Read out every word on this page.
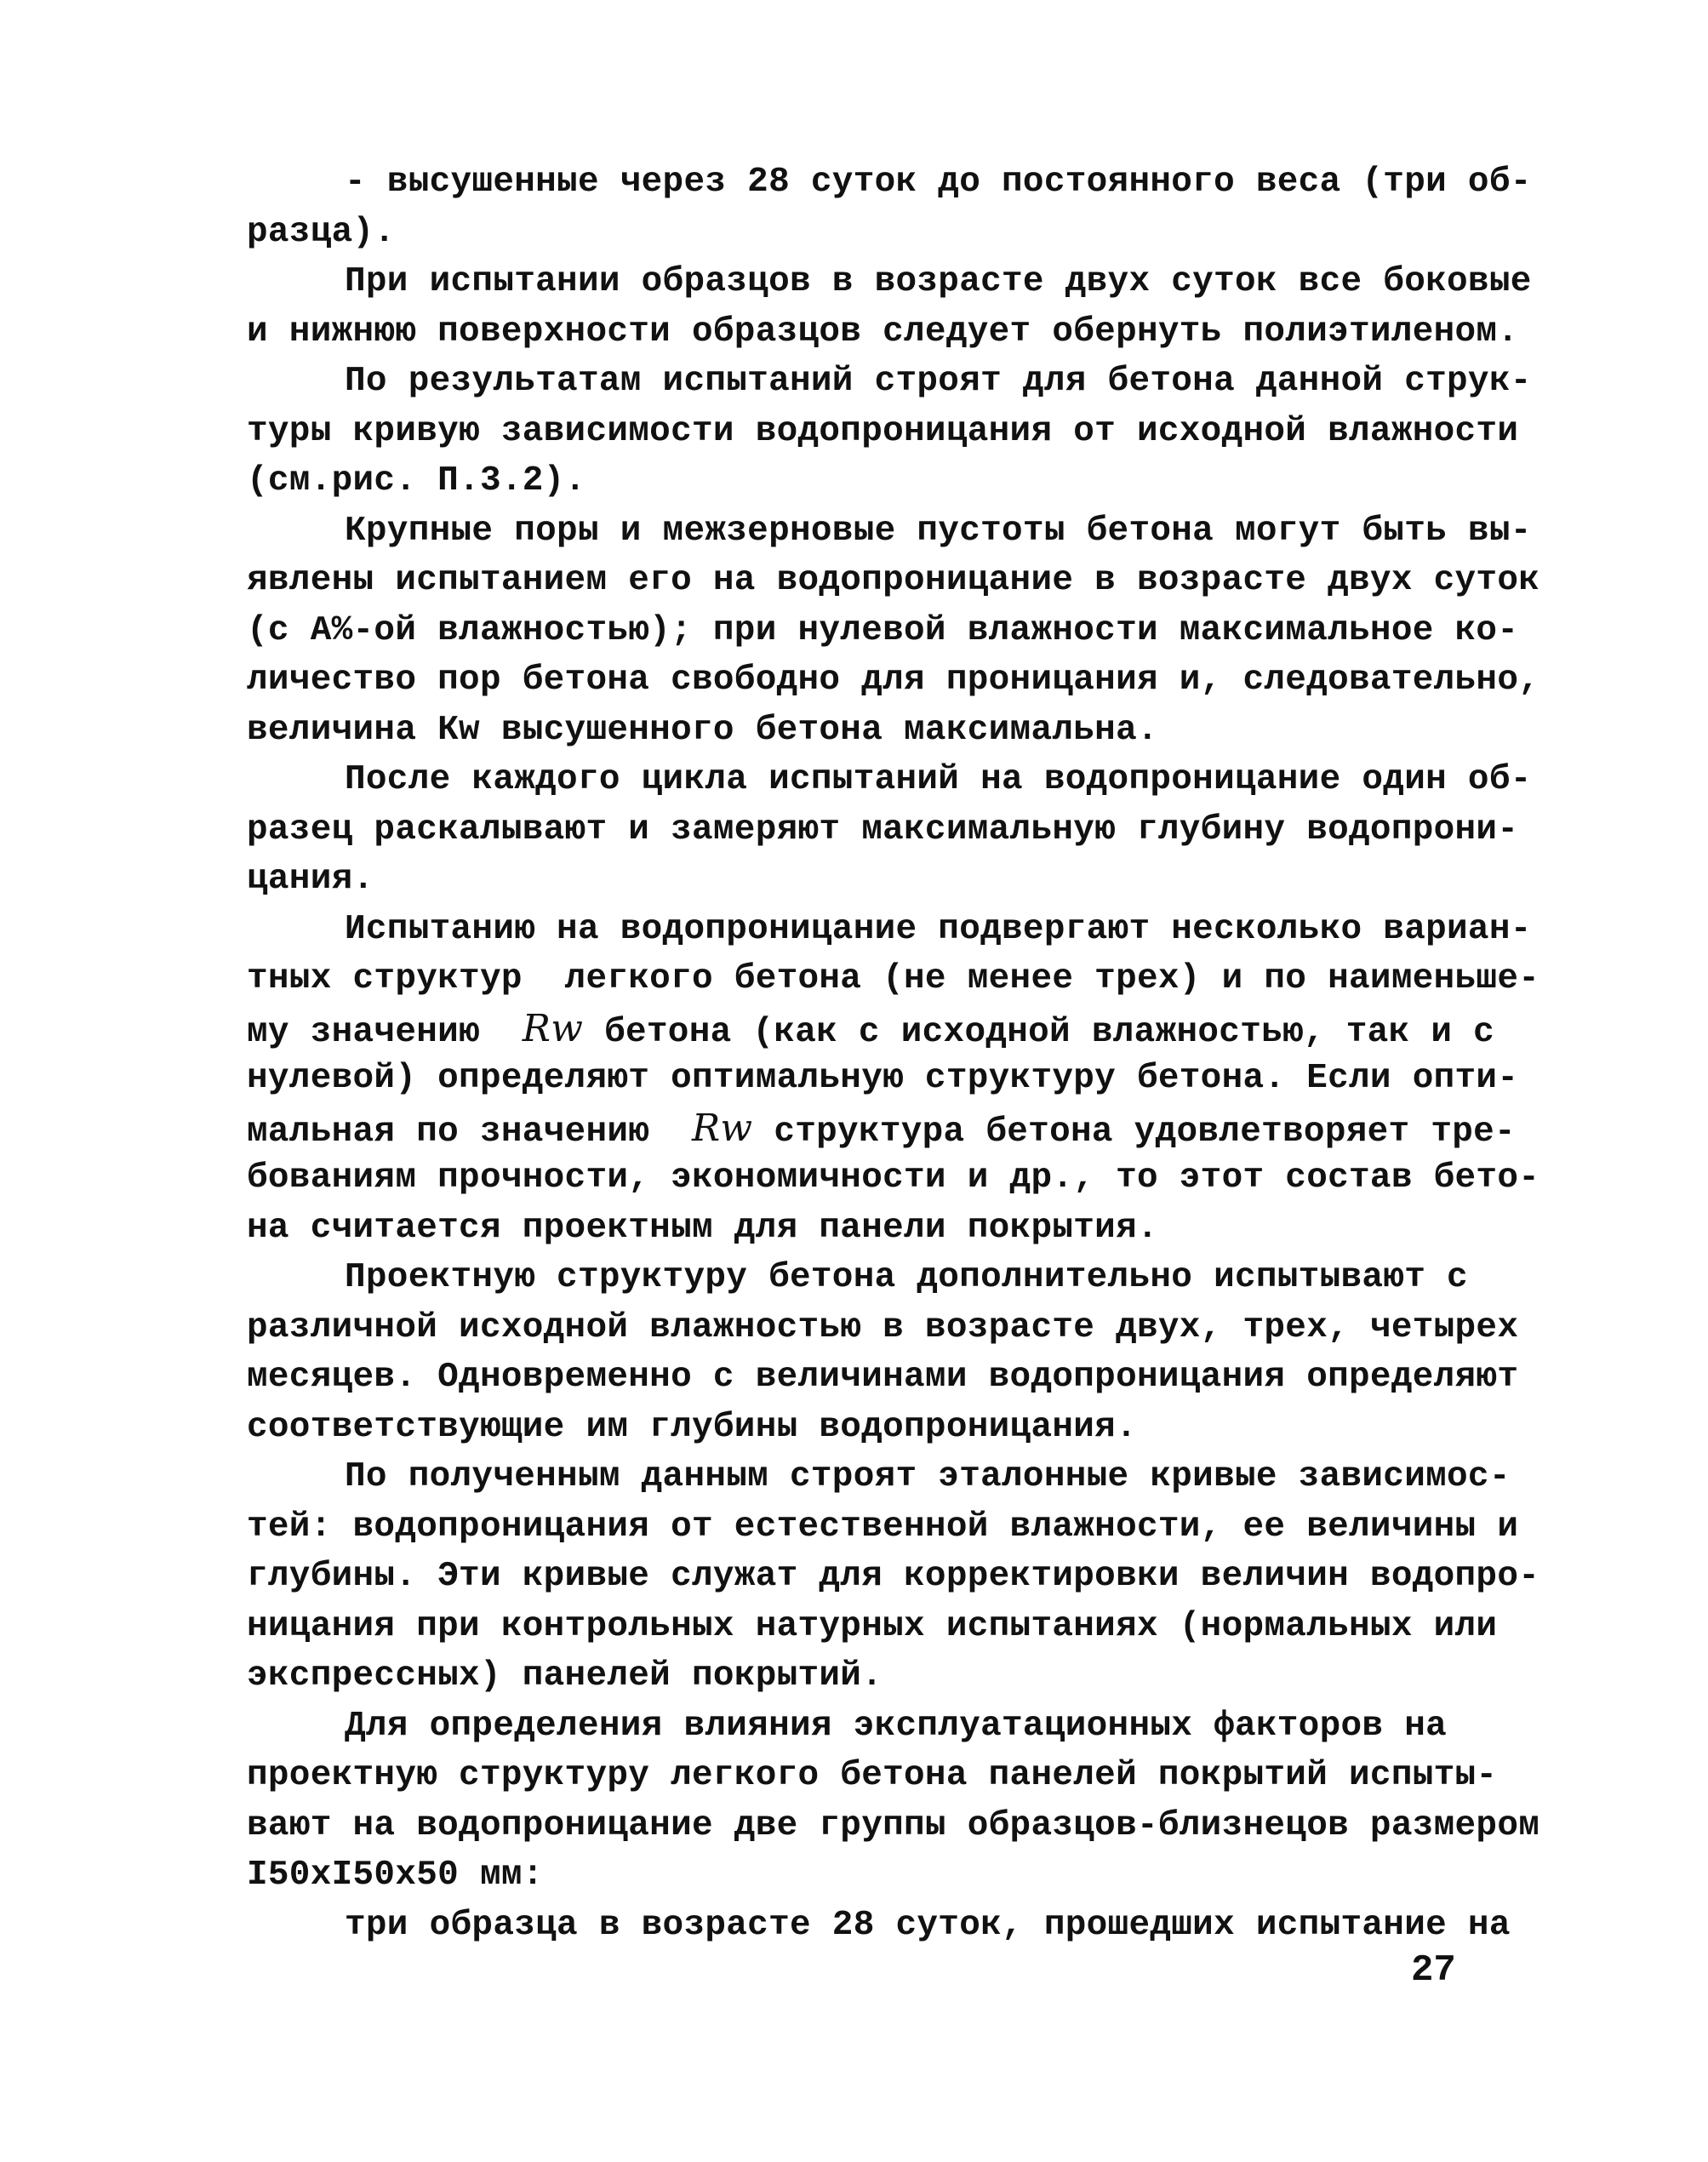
- высушенные через 28 суток до постоянного веса (три об-
разца).
При испытании образцов в возрасте двух суток все боковые
и нижнюю поверхности образцов следует обернуть полиэтиленом.
По результатам испытаний строят для бетона данной струк-
туры кривую зависимости водопроницания от исходной влажности
(см.рис. П.3.2).
Крупные поры и межзерновые пустоты бетона могут быть вы-
явлены испытанием его на водопроницание в возрасте двух суток
(с А%-ой влажностью); при нулевой влажности максимальное ко-
личество пор бетона свободно для проницания и, следовательно,
величина Кw высушенного бетона максимальна.
После каждого цикла испытаний на водопроницание один об-
разец раскалывают и замеряют максимальную глубину водопрони-
цания.
Испытанию на водопроницание подвергают несколько вариан-
тных структур  легкого бетона (не менее трех) и по наименьше-
му значению Rw бетона (как с исходной влажностью, так и с
нулевой) определяют оптимальную структуру бетона. Если опти-
мальная по значению Rw структура бетона удовлетворяет тре-
бованиям прочности, экономичности и др., то этот состав бето-
на считается проектным для панели покрытия.
Проектную структуру бетона дополнительно испытывают с
различной исходной влажностью в возрасте двух, трех, четырех
месяцев. Одновременно с величинами водопроницания определяют
соответствующие им глубины водопроницания.
По полученным данным строят эталонные кривые зависимос-
тей: водопроницания от естественной влажности, ее величины и
глубины. Эти кривые служат для корректировки величин водопро-
ницания при контрольных натурных испытаниях (нормальных или
экспрессных) панелей покрытий.
Для определения влияния эксплуатационных факторов на
проектную структуру легкого бетона панелей покрытий испыты-
вают на водопроницание две группы образцов-близнецов размером
I50xI50x50 мм:
три образца в возрасте 28 суток, прошедших испытание на
27
